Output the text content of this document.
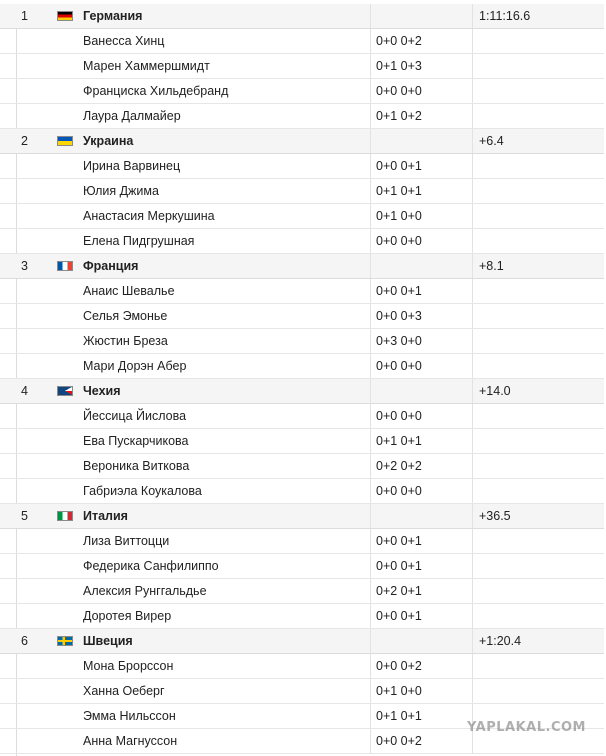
1	Германия	1:11:16.6
Ванесса Хинц	0+0 0+2
Марен Хаммершмидт	0+1 0+3
Франциска Хильдебранд	0+0 0+0
Лаура Далмайер	0+1 0+2
2	Украина	+6.4
Ирина Варвинец	0+0 0+1
Юлия Джима	0+1 0+1
Анастасия Меркушина	0+1 0+0
Елена Пидгрушная	0+0 0+0
3	Франция	+8.1
Анаис Шевалье	0+0 0+1
Селья Эмонье	0+0 0+3
Жюстин Бреза	0+3 0+0
Мари Дорэн Абер	0+0 0+0
4	Чехия	+14.0
Йессица Йислова	0+0 0+0
Ева Пускарчикова	0+1 0+1
Вероника Виткова	0+2 0+2
Габриэла Коукалова	0+0 0+0
5	Италия	+36.5
Лиза Виттоцци	0+0 0+1
Федерика Санфилиппо	0+0 0+1
Алексия Рунггальдье	0+2 0+1
Доротея Вирер	0+0 0+1
6	Швеция	+1:20.4
Мона Брорссон	0+0 0+2
Ханна Оеберг	0+1 0+0
Эмма Нильссон	0+1 0+1
Анна Магнуссон	0+0 0+2
YAPLAKAL.COM
